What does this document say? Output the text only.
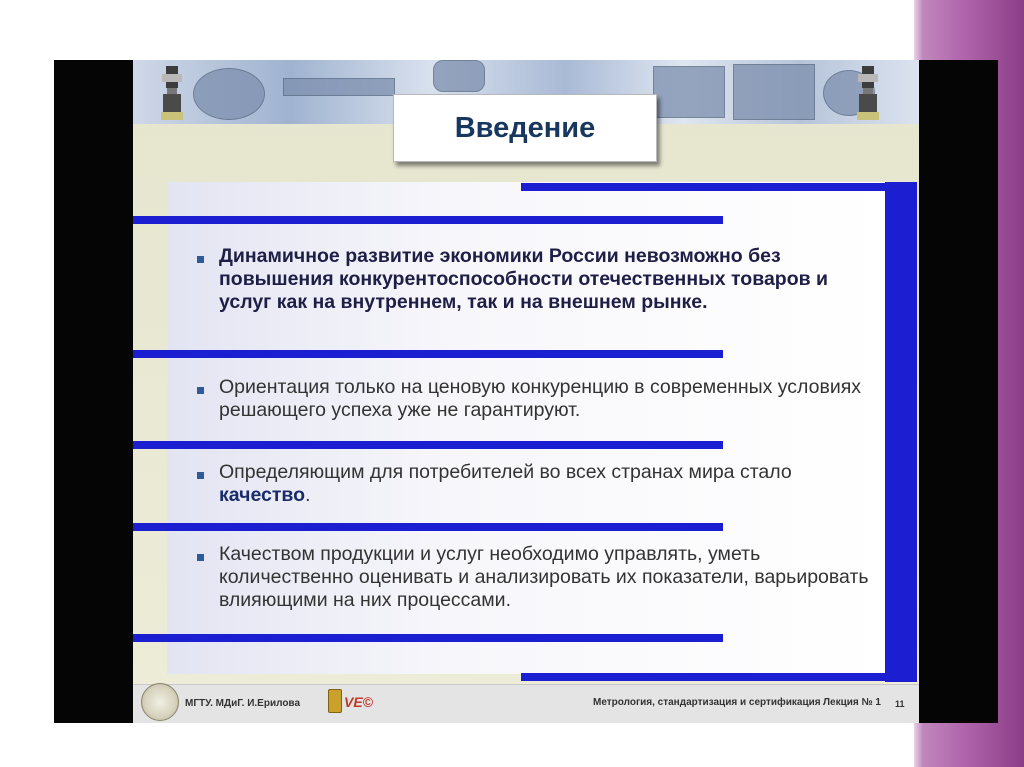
Введение
Динамичное развитие экономики России невозможно без повышения конкурентоспособности отечественных товаров и услуг как на внутреннем, так и на внешнем рынке.
Ориентация только на ценовую конкуренцию в современных условиях решающего успеха уже не гарантируют.
Определяющим для потребителей во всех странах мира стало качество.
Качеством продукции и услуг необходимо управлять, уметь количественно оценивать и анализировать их показатели, варьировать влияющими на них процессами.
МГТУ. МДиГ. И.Ерилова	VE©	Метрология, стандартизация и сертификация Лекция № 1 11
